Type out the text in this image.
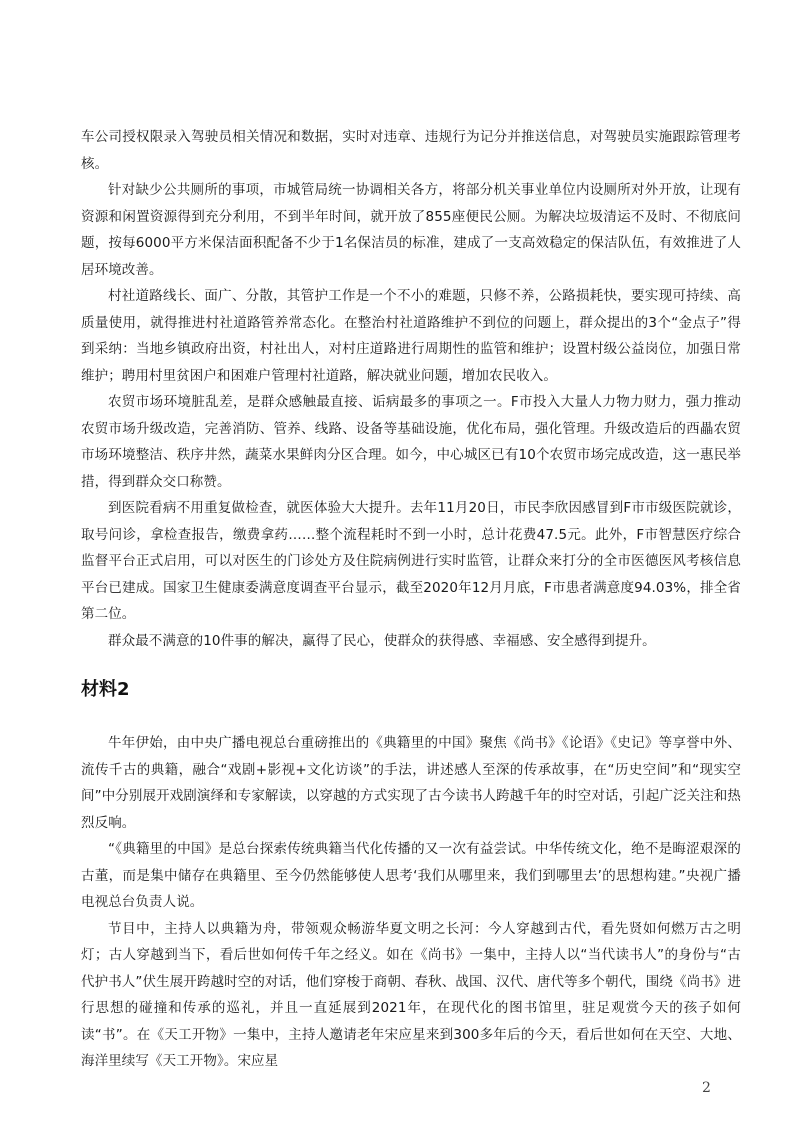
车公司授权限录入驾驶员相关情况和数据，实时对违章、违规行为记分并推送信息，对驾驶员实施跟踪管理考核。

针对缺少公共厕所的事项，市城管局统一协调相关各方，将部分机关事业单位内设厕所对外开放，让现有资源和闲置资源得到充分利用，不到半年时间，就开放了855座便民公厕。为解决垃圾清运不及时、不彻底问题，按每6000平方米保洁面积配备不少于1名保洁员的标准，建成了一支高效稳定的保洁队伍，有效推进了人居环境改善。

村社道路线长、面广、分散，其管护工作是一个不小的难题，只修不养，公路损耗快，要实现可持续、高质量使用，就得推进村社道路管养常态化。在整治村社道路维护不到位的问题上，群众提出的3个“金点子”得到采纳：当地乡镇政府出资，村社出人，对村庄道路进行周期性的监管和维护；设置村级公益岗位，加强日常维护；聘用村里贫困户和困难户管理村社道路，解决就业问题，增加农民收入。

农贸市场环境脏乱差，是群众感触最直接、诟病最多的事项之一。F市投入大量人力物力财力，强力推动农贸市场升级改造，完善消防、管养、线路、设备等基础设施，优化布局，强化管理。升级改造后的西畾农贸市场环境整洁、秩序井然，蔬菜水果鲜肉分区合理。如今，中心城区已有10个农贸市场完成改造，这一惠民举措，得到群众交口称赞。

到医院看病不用重复做检查，就医体验大大提升。去年11月20日，市民李欣因感冒到F市市级医院就诊，取号问诊，拿检查报告，缴费拿药……整个流程耗时不到一小时，总计花费47.5元。此外，F市智慧医疗综合监督平台正式启用，可以对医生的门诊处方及住院病例进行实时监管，让群众来打分的全市医德医风考核信息平台已建成。国家卫生健康委满意度调查平台显示，截至2020年12月月底，F市患者满意度94.03%，排全省第二位。

群众最不满意的10件事的解决，赢得了民心，使群众的获得感、幸福感、安全感得到提升。

材料2

牛年伊始，由中央广播电视总台重磅推出的《典籍里的中国》聚焦《尚书》《论语》《史记》等享誉中外、流传千古的典籍，融合“戏剧+影视+文化访谈”的手法，讲述感人至深的传承故事，在“历史空间”和“现实空间”中分别展开戏剧演绎和专家解读，以穿越的方式实现了古今读书人跨越千年的时空对话，引起广泛关注和热烈反响。

“《典籍里的中国》是总台探索传统典籍当代化传播的又一次有益尝试。中华传统文化，绝不是晦涩艰深的古董，而是集中储存在典籍里、至今仍然能够使人思考‘我们从哪里来，我们到哪里去’的思想构建。”央视广播电视总台负责人说。

节目中，主持人以典籍为舟，带领观众畅游华夏文明之长河：今人穿越到古代，看先贤如何燃万古之明灯；古人穿越到当下，看后世如何传千年之经义。如在《尚书》一集中，主持人以“当代读书人”的身份与“古代护书人”伏生展开跨越时空的对话，他们穿梭于商朝、春秋、战国、汉代、唐代等多个朝代，围绕《尚书》进行思想的碰撞和传承的巡礼，并且一直延展到2021年，在现代化的图书馆里，驻足观赏今天的孩子如何读“书”。在《天工开物》一集中，主持人邀请老年宋应星来到300多年后的今天，看后世如何在天空、大地、海洋里续写《天工开物》。宋应星

2
